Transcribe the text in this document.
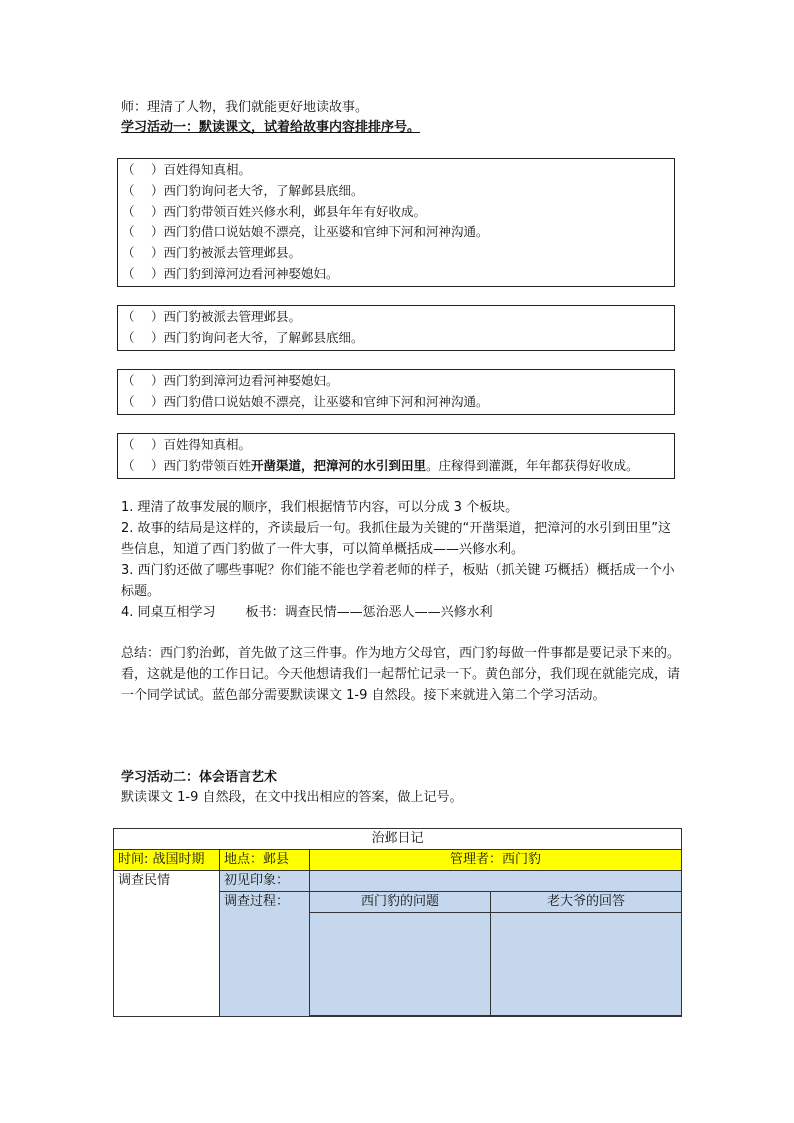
师：理清了人物，我们就能更好地读故事。
学习活动一：默读课文，试着给故事内容排排序号。
（　 ）百姓得知真相。
（　 ）西门豹询问老大爷，了解邺县底细。
（　 ）西门豹带领百姓兴修水利，邺县年年有好收成。
（　 ）西门豹借口说姑娘不漂亮，让巫婆和官绅下河和河神沟通。
（　 ）西门豹被派去管理邺县。
（　 ）西门豹到漳河边看河神娶媳妇。
（　 ）西门豹被派去管理邺县。
（　 ）西门豹询问老大爷，了解邺县底细。
（　 ）西门豹到漳河边看河神娶媳妇。
（　 ）西门豹借口说姑娘不漂亮，让巫婆和官绅下河和河神沟通。
（　 ）百姓得知真相。
（　 ）西门豹带领百姓开凿渠道，把漳河的水引到田里。庄稼得到灌溉，年年都获得好收成。
1. 理清了故事发展的顺序，我们根据情节内容，可以分成 3 个板块。
2. 故事的结局是这样的，齐读最后一句。我抓住最为关键的“开凿渠道，把漳河的水引到田里”这些信息，知道了西门豹做了一件大事，可以简单概括成——兴修水利。
3. 西门豹还做了哪些事呢？你们能不能也学着老师的样子，板贴（抓关键 巧概括）概括成一个小标题。
4. 同桌互相学习　　 板书：调查民情——惩治恶人——兴修水利
总结：西门豹治邺，首先做了这三件事。作为地方父母官，西门豹每做一件事都是要记录下来的。看，这就是他的工作日记。今天他想请我们一起帮忙记录一下。黄色部分，我们现在就能完成，请一个同学试试。蓝色部分需要默读课文 1-9 自然段。接下来就进入第二个学习活动。
学习活动二：体会语言艺术
默读课文 1-9 自然段，在文中找出相应的答案，做上记号。
治邺日记			
时间: 战国时期	地点：邺县	管理者：西门豹	
调查民情	初见印象：		
	调查过程：	西门豹的问题	老大爷的回答
